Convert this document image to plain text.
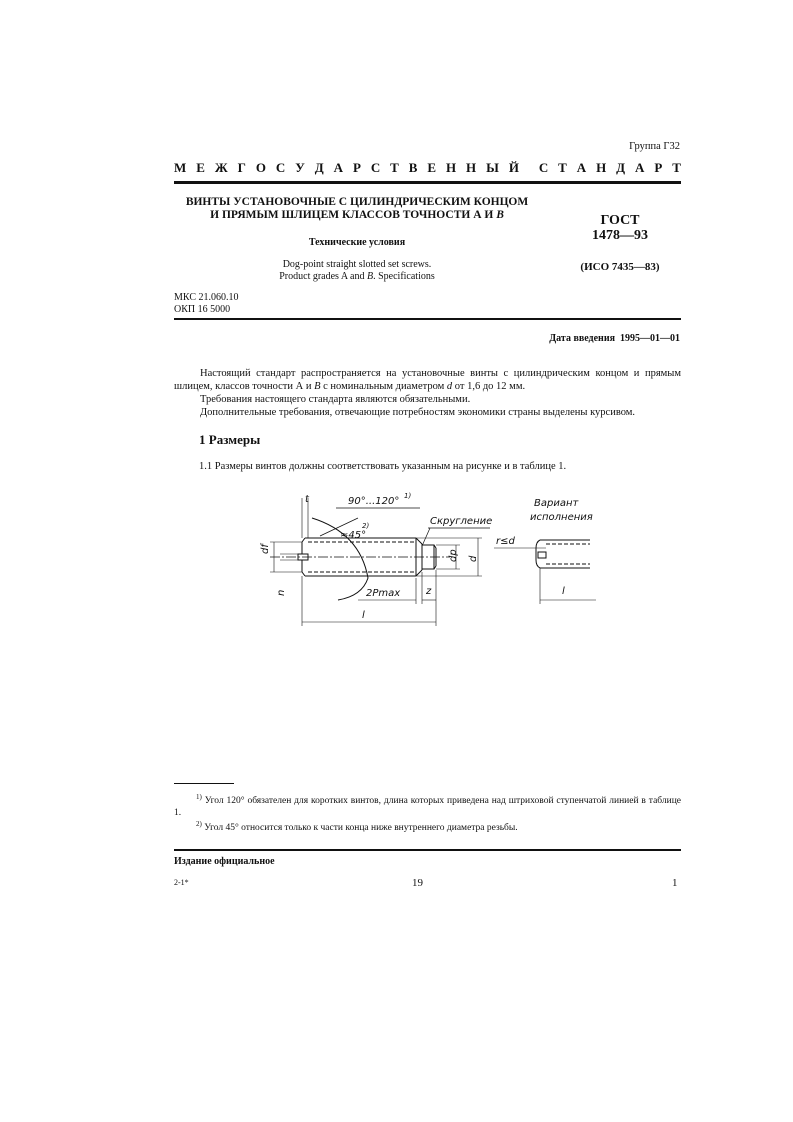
Группа Г32
М Е Ж Г О С У Д А Р С Т В Е Н Н Ы Й С Т А Н Д А Р Т
ВИНТЫ УСТАНОВОЧНЫЕ С ЦИЛИНДРИЧЕСКИМ КОНЦОМ
И ПРЯМЫМ ШЛИЦЕМ КЛАССОВ ТОЧНОСТИ А И В
Технические условия
Dog-point straight slotted set screws.
Product grades A and B. Specifications
ГОСТ
1478—93
(ИСО 7435—83)
МКС 21.060.10
ОКП 16 5000
Дата введения 1995—01—01

Настоящий стандарт распространяется на установочные винты с цилиндрическим концом и прямым шлицем, классов точности А и В с номинальным диаметром d от 1,6 до 12 мм.

Требования настоящего стандарта являются обязательными.

Дополнительные требования, отвечающие потребностям экономики страны выделены курсивом.

1 Размеры
1.1 Размеры винтов должны соответствовать указанным на рисунке и в таблице 1.
90°...120° 1)
≈45°
2)	Скругление
t
df
n
dp d
2Pmax	z
l
Вариант
исполнения
r≤d
l

$^{1)}$ Угол 120° обязателен для коротких винтов, длина которых приведена над штриховой ступенчатой линией в таблице 1.

$^{2)}$ Угол 45° относится только к части конца ниже внутреннего диаметра резьбы.

Издание официальное
2-1*	19	1
